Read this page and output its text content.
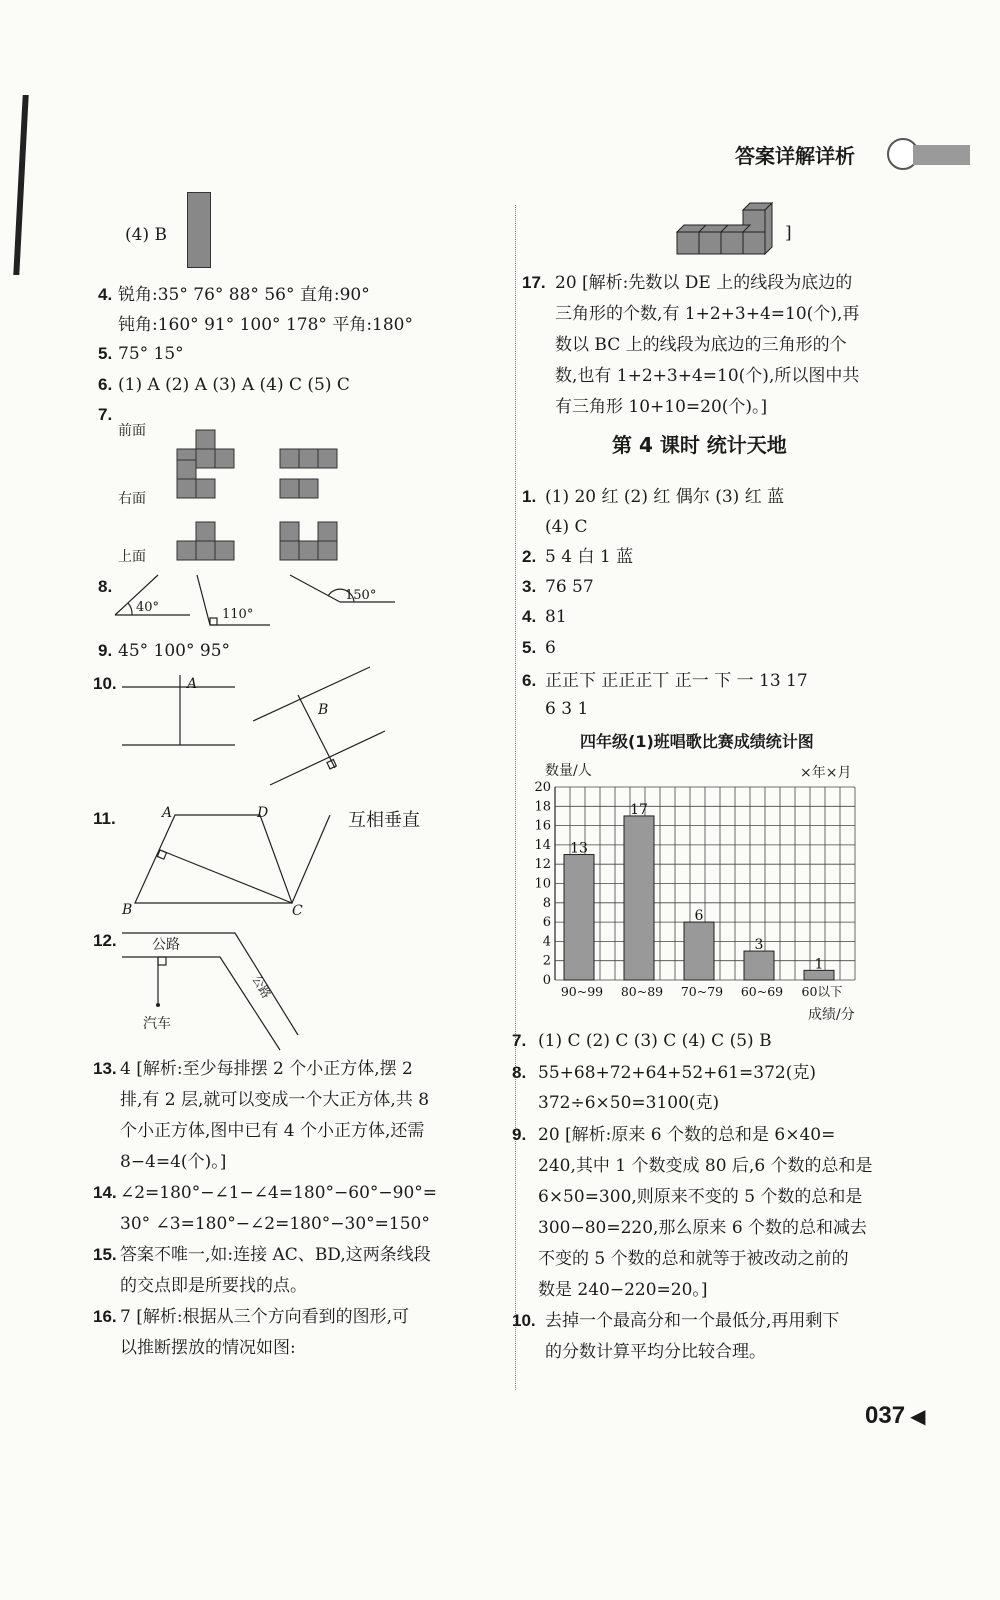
答案详解详析
(4) B
4. 锐角:35° 76° 88° 56° 直角:90°
钝角:160° 91° 100° 178° 平角:180°
5. 75° 15°
6. (1) A (2) A (3) A (4) C (5) C
7.
前面
右面
上面
8.
40°	110°
150°
9. 45° 100° 95°
10.	A
B
11.	A	D
B	C
互相垂直
12.	公路
公路
汽车
13. 4 [解析:至少每排摆 2 个小正方体,摆 2
排,有 2 层,就可以变成一个大正方体,共 8
个小正方体,图中已有 4 个小正方体,还需
8−4=4(个)。]
14. ∠2=180°−∠1−∠4=180°−60°−90°=
30° ∠3=180°−∠2=180°−30°=150°
15. 答案不唯一,如:连接 AC、BD,这两条线段
的交点即是所要找的点。
16. 7 [解析:根据从三个方向看到的图形,可
以推断摆放的情况如图:
]
17. 20 [解析:先数以 DE 上的线段为底边的
三角形的个数,有 1+2+3+4=10(个),再
数以 BC 上的线段为底边的三角形的个
数,也有 1+2+3+4=10(个),所以图中共
有三角形 10+10=20(个)。]
第 4 课时 统计天地
1. (1) 20 红 (2) 红 偶尔 (3) 红 蓝
(4) C
2. 5 4 白 1 蓝
3. 76 57
4. 81
5. 6
6. 正正下 正正正丅 正一 下 一 13 17
6 3 1
四年级(1)班唱歌比赛成绩统计图
数量/人	×年×月
成绩/分
0
2
4
6
8
10
12
14
16
18
20
13
90~99
17
80~89
6
70~79
3
60~69
1
60以下
7. (1) C (2) C (3) C (4) C (5) B
8. 55+68+72+64+52+61=372(克)
372÷6×50=3100(克)
9. 20 [解析:原来 6 个数的总和是 6×40=
240,其中 1 个数变成 80 后,6 个数的总和是
6×50=300,则原来不变的 5 个数的总和是
300−80=220,那么原来 6 个数的总和减去
不变的 5 个数的总和就等于被改动之前的
数是 240−220=20。]
10. 去掉一个最高分和一个最低分,再用剩下
的分数计算平均分比较合理。
037 ◀
